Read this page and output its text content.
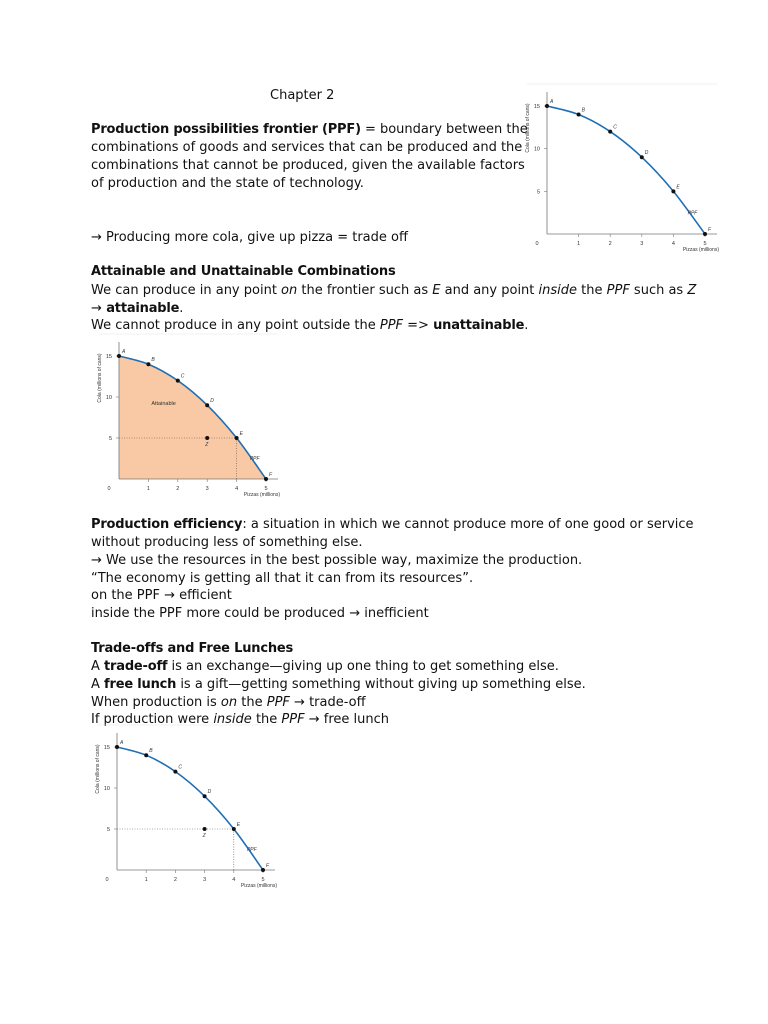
Chapter 2
Production possibilities frontier (PPF) = boundary between the
combinations of goods and services that can be produced and the
combinations that cannot be produced, given the available factors
of production and the state of technology.
→ Producing more cola, give up pizza = trade off
Attainable and Unattainable Combinations
We can produce in any point on the frontier such as E and any point inside the PPF such as Z
→ attainable.
We cannot produce in any point outside the PPF => unattainable.
Production efficiency: a situation in which we cannot produce more of one good or service
without producing less of something else.
→ We use the resources in the best possible way, maximize the production.
“The economy is getting all that it can from its resources”.
on the PPF → efficient
inside the PPF more could be produced → inefficient
Trade-offs and Free Lunches
A trade-off is an exchange—giving up one thing to get something else.
A free lunch is a gift—getting something without giving up something else.
When production is on the PPF → trade-off
If production were inside the PPF → free lunch
0	1	2	3	4	5
5
10
15
Pizzas (millions)
Cola (millions of cans)
A
B
C
D
E
F
PPF
0	1	2	3	4	5
5
10
15
Pizzas (millions)
Cola (millions of cans)
A
B
C
D
E
F
Z
PPF
Attainable
0	1	2	3	4	5
5
10
15
Pizzas (millions)
Cola (millions of cans)
A
B
C
D
E
F
Z
PPF
